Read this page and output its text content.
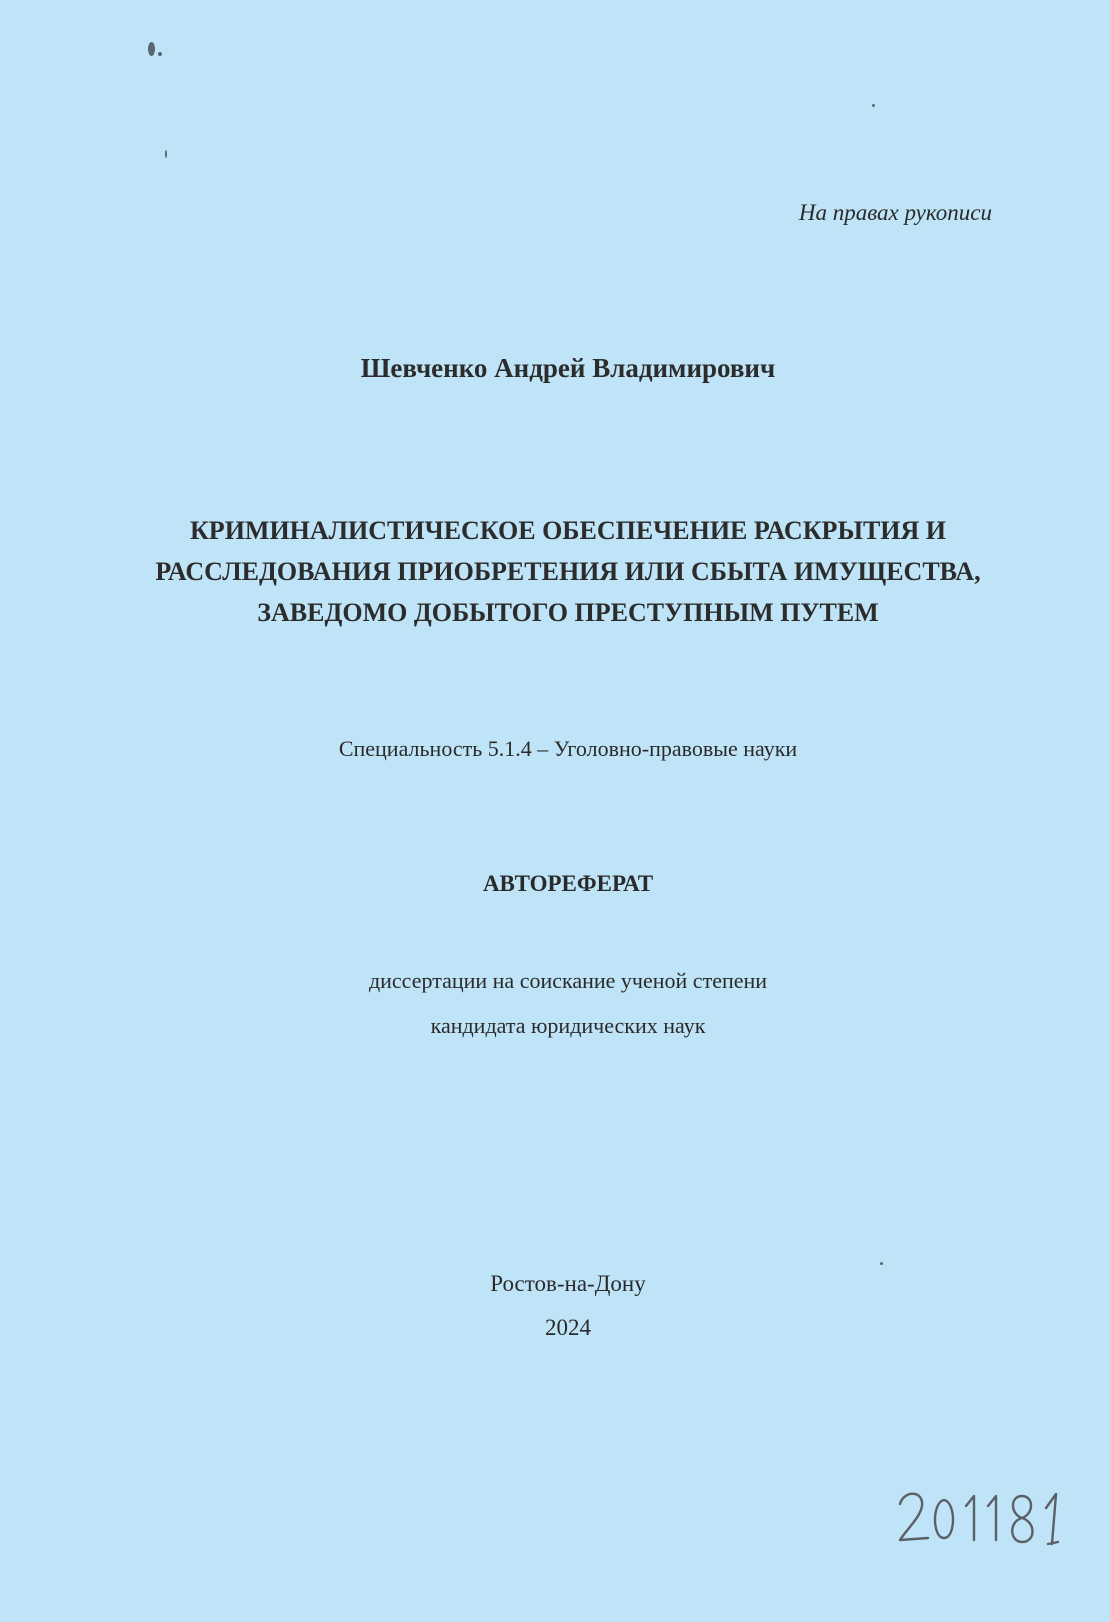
На правах рукописи
Шевченко Андрей Владимирович
КРИМИНАЛИСТИЧЕСКОЕ ОБЕСПЕЧЕНИЕ РАСКРЫТИЯ И
РАССЛЕДОВАНИЯ ПРИОБРЕТЕНИЯ ИЛИ СБЫТА ИМУЩЕСТВА,
ЗАВЕДОМО ДОБЫТОГО ПРЕСТУПНЫМ ПУТЕМ
Специальность 5.1.4 – Уголовно-правовые науки
АВТОРЕФЕРАТ
диссертации на соискание ученой степени
кандидата юридических наук
Ростов-на-Дону
2024
